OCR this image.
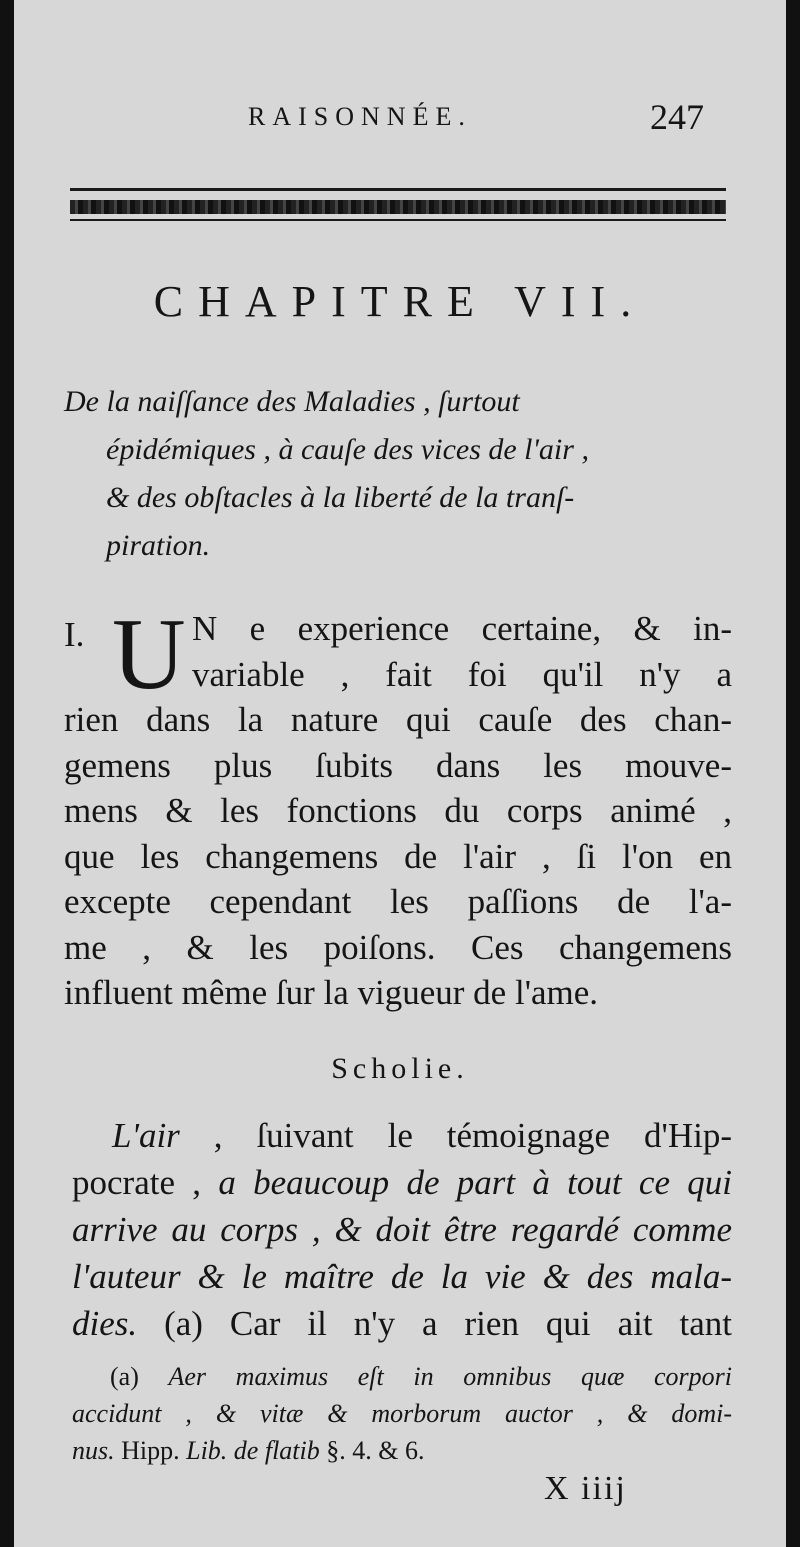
RAISONNÉE.	247
CHAPITRE VII.
De la naiſſance des Maladies , ſurtout
épidémiques , à cauſe des vices de l'air ,
& des obſtacles à la liberté de la tranſ-
piration.
I. U N e experience certaine, & in-
variable , fait foi qu'il n'y a
rien dans la nature qui cauſe des chan-
gemens plus ſubits dans les mouve-
mens & les fonctions du corps animé ,
que les changemens de l'air , ſi l'on en
excepte cependant les paſſions de l'a-
me , & les poiſons. Ces changemens
influent même ſur la vigueur de l'ame.
Scholie.
L'air , ſuivant le témoignage d'Hip-
pocrate , a beaucoup de part à tout ce qui
arrive au corps , & doit être regardé comme
l'auteur & le maître de la vie & des mala-
dies. (a) Car il n'y a rien qui ait tant
(a) Aer maximus eſt in omnibus quæ corpori
accidunt , & vitæ & morborum auctor , & domi-
nus. Hipp. Lib. de flatib §. 4. & 6.
X iiij
